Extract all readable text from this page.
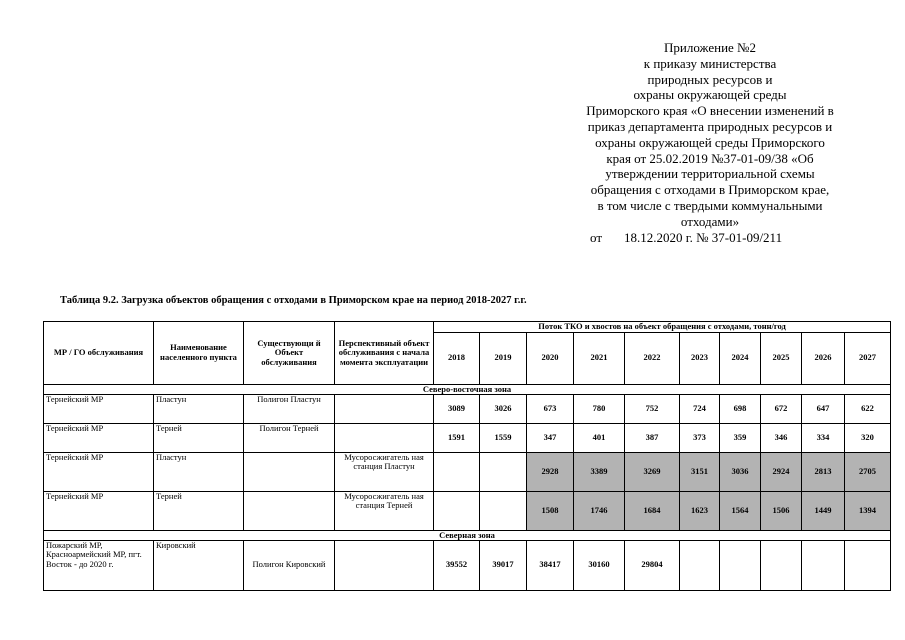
Приложение №2
к приказу министерства
природных ресурсов и
охраны окружающей среды
Приморского края «О внесении изменений в
приказ департамента природных ресурсов и
охраны окружающей среды Приморского
края от 25.02.2019 №37-01-09/38 «Об
утверждении территориальной схемы
обращения с отходами в Приморском крае,
в том числе с твердыми коммунальными
отходами»
от 18.12.2020 г. № 37-01-09/211
Таблица 9.2. Загрузка объектов обращения с отходами в Приморском крае на период 2018-2027 г.г.
МР / ГО обслуживания	Наименование населенного пункта	Существующи й Объект обслуживания	Перспективный объект обслуживания с начала момента эксплуатации	Поток ТКО и хвостов на объект обращения с отходами, тонн/год									
				2018	2019	2020	2021	2022	2023	2024	2025	2026	2027
Северо-восточная зона													
Тернейский МР	Пластун	Полигон Пластун		3089	3026	673	780	752	724	698	672	647	622
Тернейский МР	Терней	Полигон Терней		1591	1559	347	401	387	373	359	346	334	320
Тернейский МР	Пластун		Мусоросжигатель ная станция Пластун			2928	3389	3269	3151	3036	2924	2813	2705
Тернейский МР	Терней		Мусоросжигатель ная станция Терней			1508	1746	1684	1623	1564	1506	1449	1394
Северная зона													
Пожарский МР, Красноармейский МР, пгт. Восток - до 2020 г.	Кировский	Полигон Кировский		39552	39017	38417	30160	29804					
